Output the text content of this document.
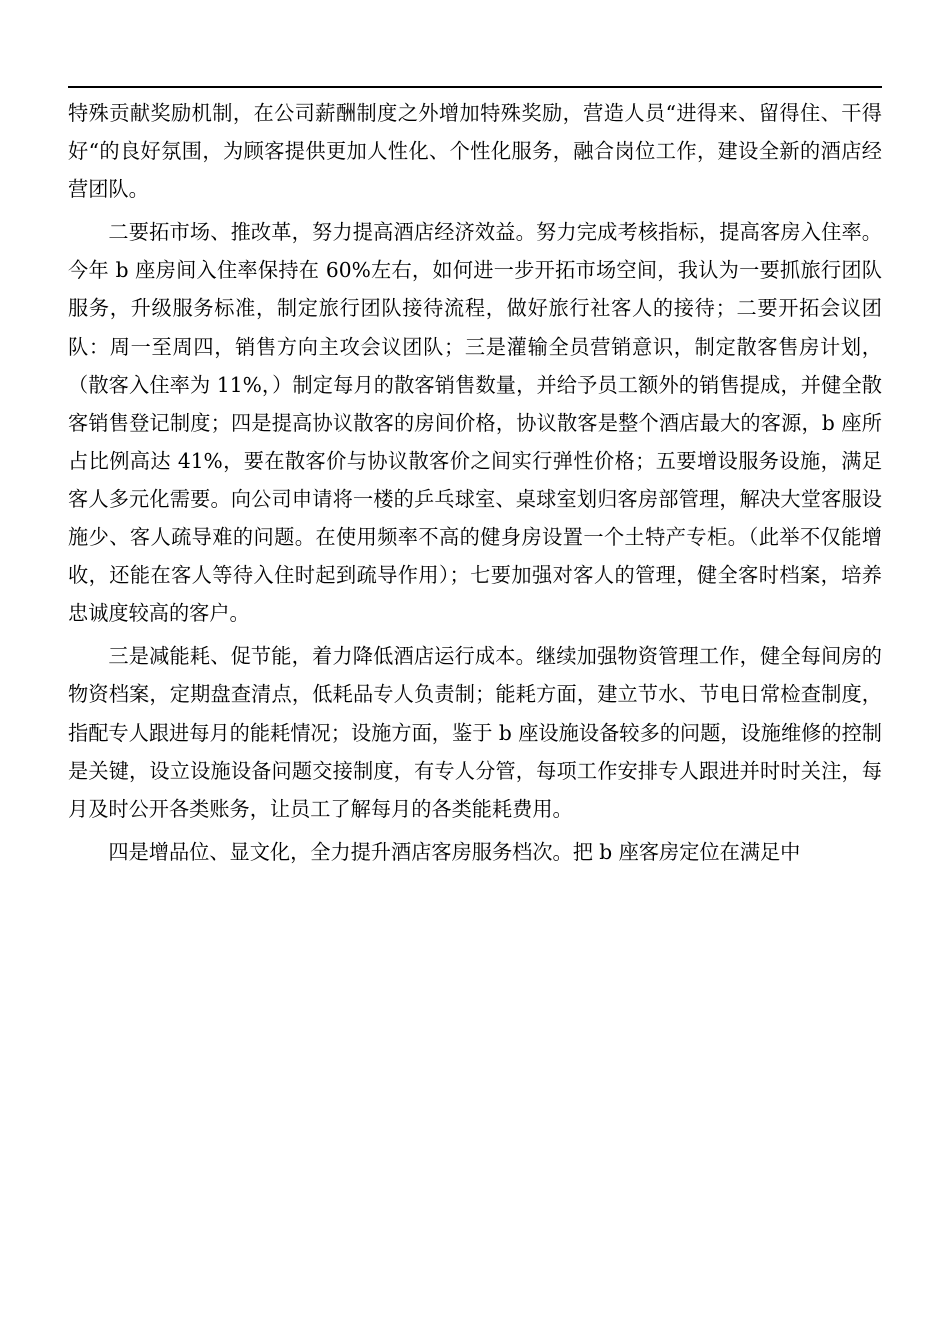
特殊贡献奖励机制，在公司薪酬制度之外增加特殊奖励，营造人员“进得来、留得住、干得好“的良好氛围，为顾客提供更加人性化、个性化服务，融合岗位工作，建设全新的酒店经营团队。

二要拓市场、推改革，努力提高酒店经济效益。努力完成考核指标，提高客房入住率。今年 b 座房间入住率保持在 60%左右，如何进一步开拓市场空间，我认为一要抓旅行团队服务，升级服务标准，制定旅行团队接待流程，做好旅行社客人的接待；二要开拓会议团队：周一至周四，销售方向主攻会议团队；三是灌输全员营销意识，制定散客售房计划，（散客入住率为 11%，）制定每月的散客销售数量，并给予员工额外的销售提成，并健全散客销售登记制度；四是提高协议散客的房间价格，协议散客是整个酒店最大的客源，b 座所占比例高达 41%，要在散客价与协议散客价之间实行弹性价格；五要增设服务设施，满足客人多元化需要。向公司申请将一楼的乒乓球室、桌球室划归客房部管理，解决大堂客服设施少、客人疏导难的问题。在使用频率不高的健身房设置一个土特产专柜。（此举不仅能增收，还能在客人等待入住时起到疏导作用）；七要加强对客人的管理，健全客时档案，培养忠诚度较高的客户。

三是减能耗、促节能，着力降低酒店运行成本。继续加强物资管理工作，健全每间房的物资档案，定期盘查清点，低耗品专人负责制；能耗方面，建立节水、节电日常检查制度，指配专人跟进每月的能耗情况；设施方面，鉴于 b 座设施设备较多的问题，设施维修的控制是关键，设立设施设备问题交接制度，有专人分管，每项工作安排专人跟进并时时关注，每月及时公开各类账务，让员工了解每月的各类能耗费用。

四是增品位、显文化，全力提升酒店客房服务档次。把 b 座客房定位在满足中
